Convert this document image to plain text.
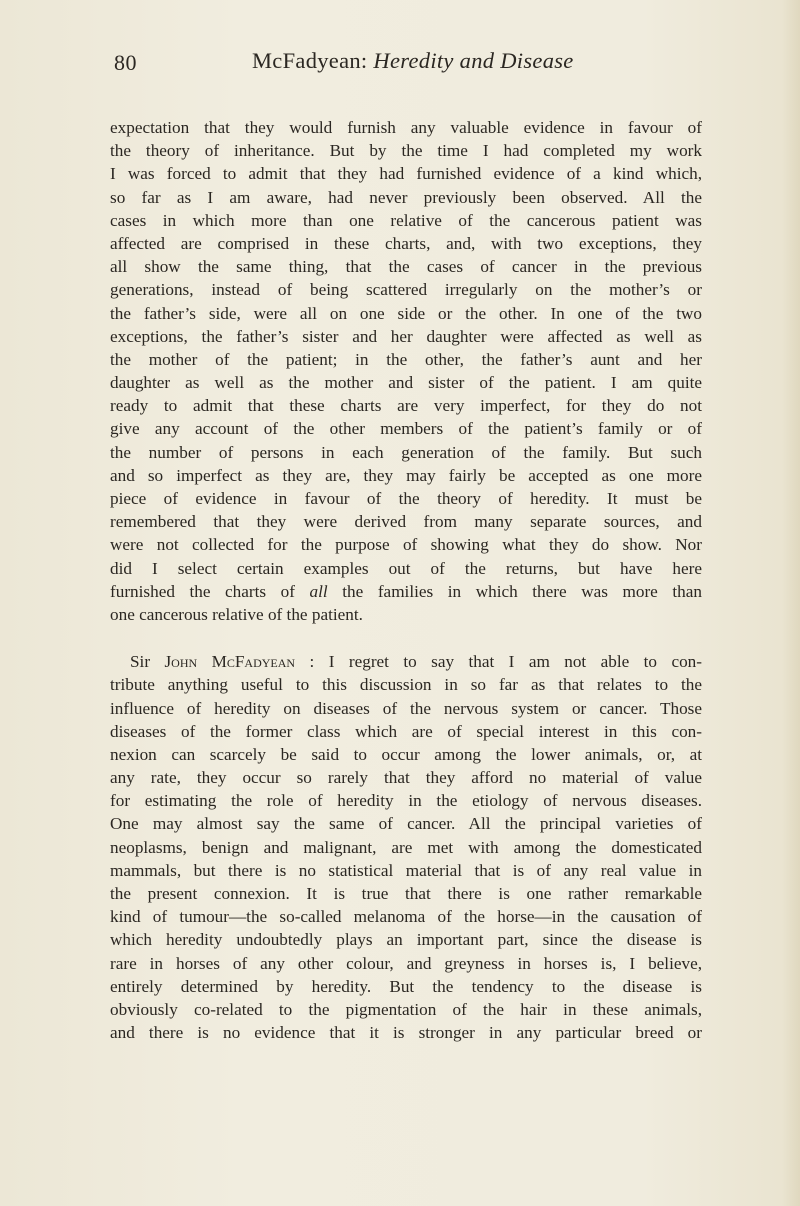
80	McFadyean: Heredity and Disease
expectation that they would furnish any valuable evidence in favour of
the theory of inheritance. But by the time I had completed my work
I was forced to admit that they had furnished evidence of a kind which,
so far as I am aware, had never previously been observed. All the
cases in which more than one relative of the cancerous patient was
affected are comprised in these charts, and, with two exceptions, they
all show the same thing, that the cases of cancer in the previous
generations, instead of being scattered irregularly on the mother’s or
the father’s side, were all on one side or the other. In one of the two
exceptions, the father’s sister and her daughter were affected as well as
the mother of the patient; in the other, the father’s aunt and her
daughter as well as the mother and sister of the patient. I am quite
ready to admit that these charts are very imperfect, for they do not
give any account of the other members of the patient’s family or of
the number of persons in each generation of the family. But such
and so imperfect as they are, they may fairly be accepted as one more
piece of evidence in favour of the theory of heredity. It must be
remembered that they were derived from many separate sources, and
were not collected for the purpose of showing what they do show. Nor
did I select certain examples out of the returns, but have here
furnished the charts of all the families in which there was more than
one cancerous relative of the patient.
Sir John McFadyean : I regret to say that I am not able to con-
tribute anything useful to this discussion in so far as that relates to the
influence of heredity on diseases of the nervous system or cancer. Those
diseases of the former class which are of special interest in this con-
nexion can scarcely be said to occur among the lower animals, or, at
any rate, they occur so rarely that they afford no material of value
for estimating the role of heredity in the etiology of nervous diseases.
One may almost say the same of cancer. All the principal varieties of
neoplasms, benign and malignant, are met with among the domesticated
mammals, but there is no statistical material that is of any real value in
the present connexion. It is true that there is one rather remarkable
kind of tumour—the so-called melanoma of the horse—in the causation of
which heredity undoubtedly plays an important part, since the disease is
rare in horses of any other colour, and greyness in horses is, I believe,
entirely determined by heredity. But the tendency to the disease is
obviously co-related to the pigmentation of the hair in these animals,
and there is no evidence that it is stronger in any particular breed or
